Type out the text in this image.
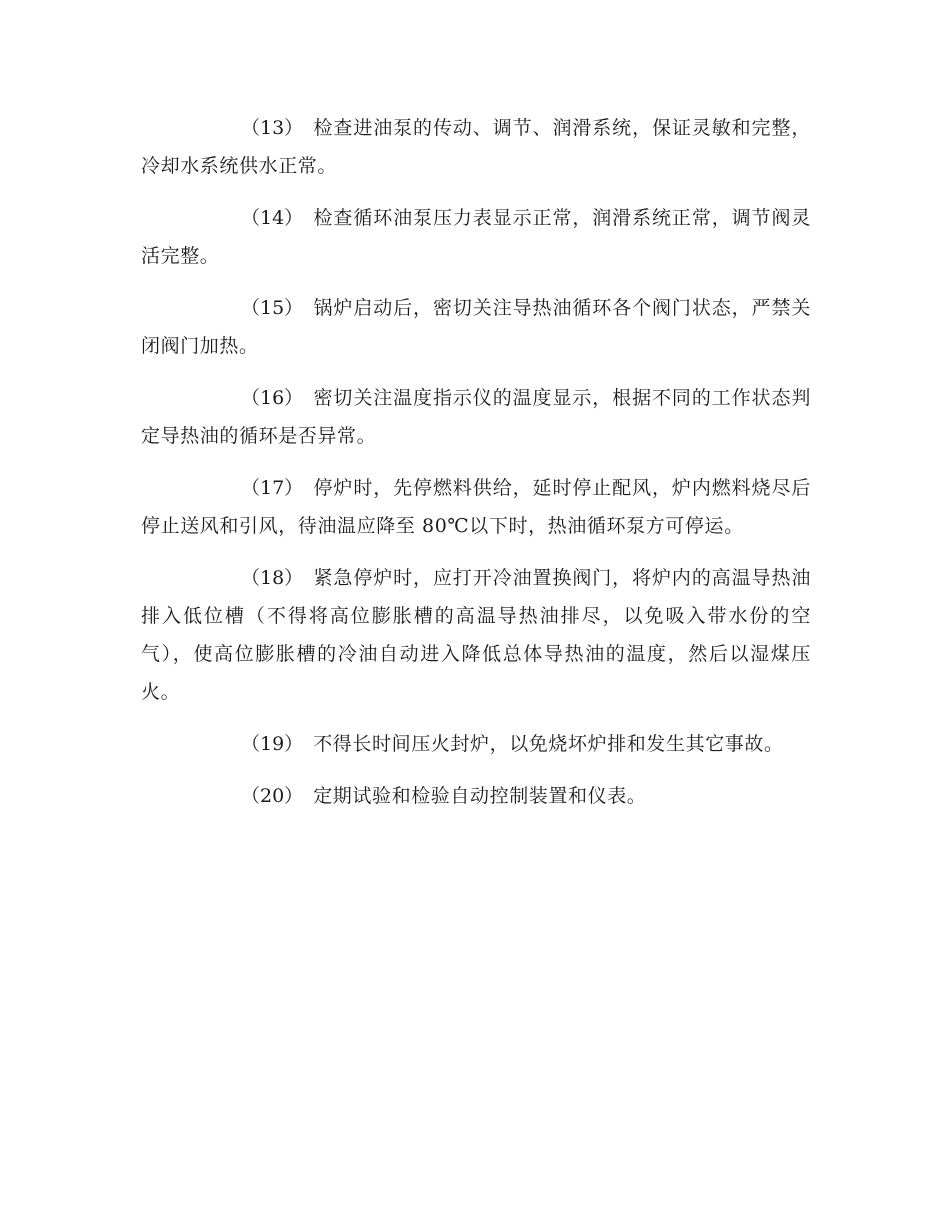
（13） 检查进油泵的传动、调节、润滑系统，保证灵敏和完整，冷却水系统供水正常。

（14） 检查循环油泵压力表显示正常，润滑系统正常，调节阀灵活完整。

（15） 锅炉启动后，密切关注导热油循环各个阀门状态，严禁关闭阀门加热。

（16） 密切关注温度指示仪的温度显示，根据不同的工作状态判定导热油的循环是否异常。

（17） 停炉时，先停燃料供给，延时停止配风，炉内燃料烧尽后停止送风和引风，待油温应降至 80℃以下时，热油循环泵方可停运。

（18） 紧急停炉时，应打开冷油置换阀门，将炉内的高温导热油排入低位槽（不得将高位膨胀槽的高温导热油排尽，以免吸入带水份的空气），使高位膨胀槽的冷油自动进入降低总体导热油的温度，然后以湿煤压火。

（19） 不得长时间压火封炉，以免烧坏炉排和发生其它事故。

（20） 定期试验和检验自动控制装置和仪表。
